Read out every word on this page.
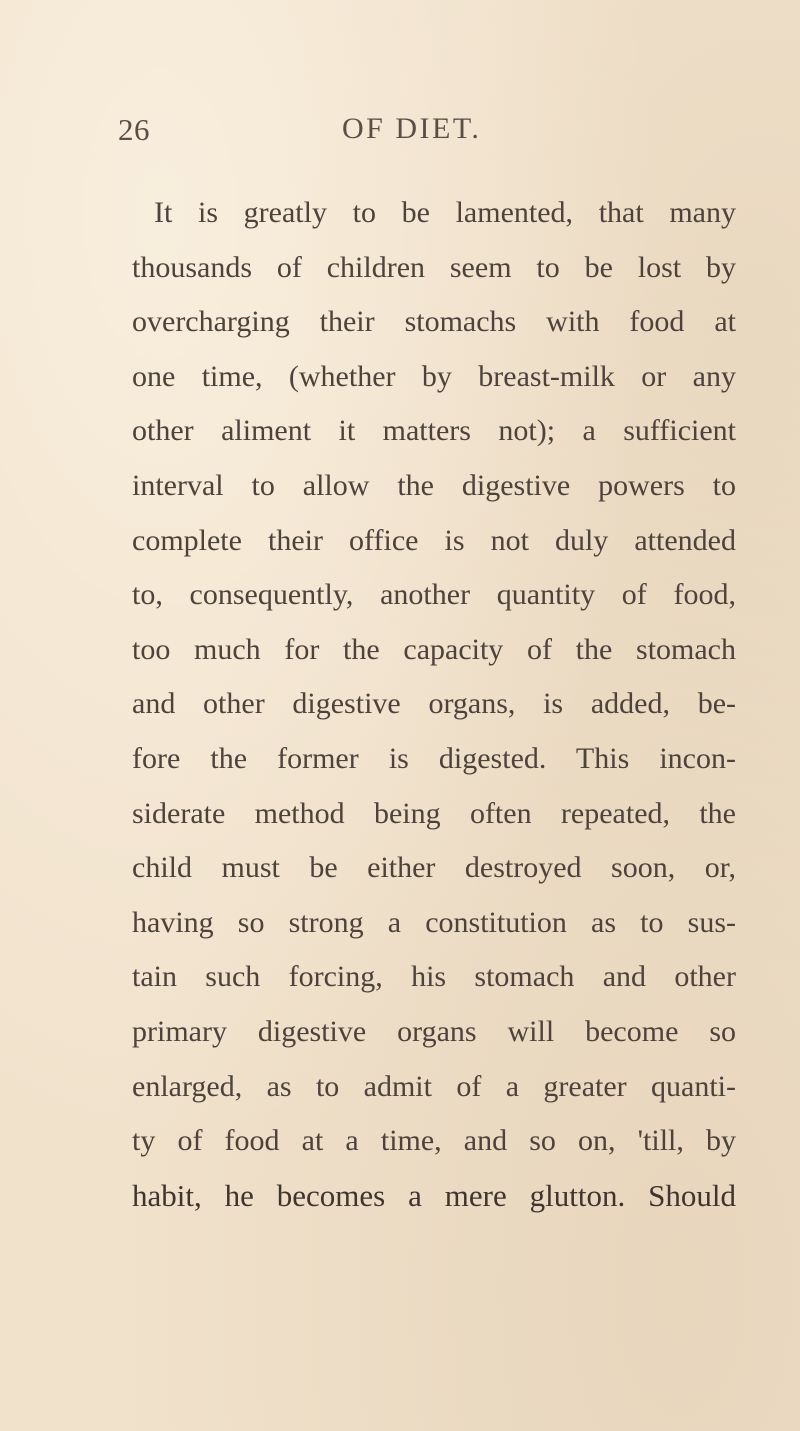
26	OF DIET.
It is greatly to be lamented, that many
thousands of children seem to be lost by
overcharging their stomachs with food at
one time, (whether by breast-milk or any
other aliment it matters not); a sufficient
interval to allow the digestive powers to
complete their office is not duly attended
to, consequently, another quantity of food,
too much for the capacity of the stomach
and other digestive organs, is added, be-
fore the former is digested. This incon-
siderate method being often repeated, the
child must be either destroyed soon, or,
having so strong a constitution as to sus-
tain such forcing, his stomach and other
primary digestive organs will become so
enlarged, as to admit of a greater quanti-
ty of food at a time, and so on, 'till, by
habit, he becomes a mere glutton. Should
